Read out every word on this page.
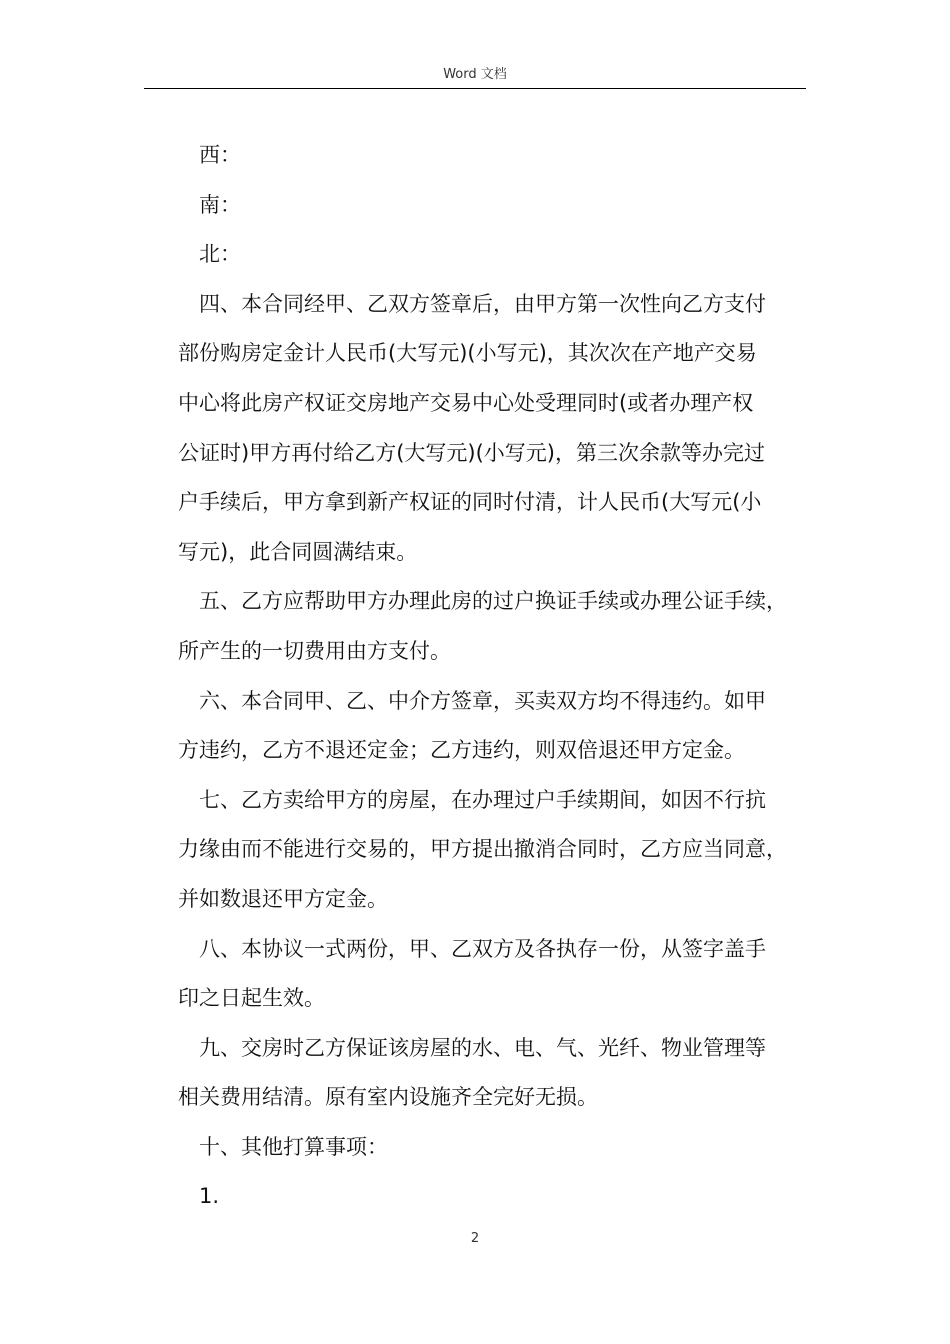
Word 文档
西：
南：
北：
四、本合同经甲、乙双方签章后，由甲方第一次性向乙方支付
部份购房定金计人民币(大写元)(小写元)，其次次在产地产交易
中心将此房产权证交房地产交易中心处受理同时(或者办理产权
公证时)甲方再付给乙方(大写元)(小写元)，第三次余款等办完过
户手续后，甲方拿到新产权证的同时付清，计人民币(大写元(小
写元)，此合同圆满结束。
五、乙方应帮助甲方办理此房的过户换证手续或办理公证手续，
所产生的一切费用由方支付。
六、本合同甲、乙、中介方签章，买卖双方均不得违约。如甲
方违约，乙方不退还定金；乙方违约，则双倍退还甲方定金。
七、乙方卖给甲方的房屋，在办理过户手续期间，如因不行抗
力缘由而不能进行交易的，甲方提出撤消合同时，乙方应当同意，
并如数退还甲方定金。
八、本协议一式两份，甲、乙双方及各执存一份，从签字盖手
印之日起生效。
九、交房时乙方保证该房屋的水、电、气、光纤、物业管理等
相关费用结清。原有室内设施齐全完好无损。
十、其他打算事项：
1.
2
